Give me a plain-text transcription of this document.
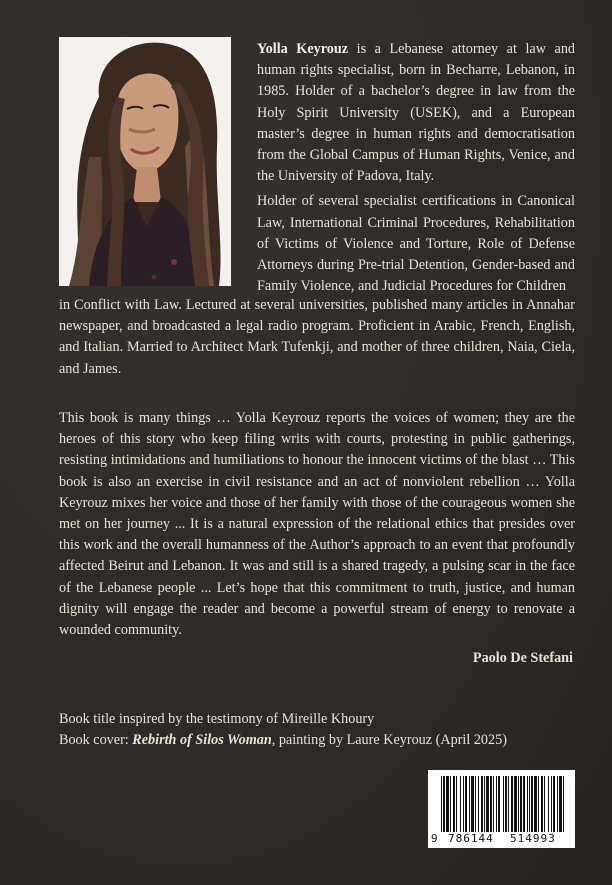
Yolla Keyrouz is a Lebanese attorney at law and human rights specialist, born in Becharre, Lebanon, in 1985. Holder of a bachelor’s degree in law from the Holy Spirit University (USEK), and a European master’s degree in human rights and democratisation from the Global Campus of Human Rights, Venice, and the University of Padova, Italy.

Holder of several specialist certifications in Canonical Law, International Criminal Procedures, Rehabilitation of Victims of Violence and Torture, Role of Defense Attorneys during Pre-trial Detention, Gender-based and Family Violence, and Judicial Procedures for Children

in Conflict with Law. Lectured at several universities, published many articles in Annahar newspaper, and broadcasted a legal radio program. Proficient in Arabic, French, English, and Italian. Married to Architect Mark Tufenkji, and mother of three children, Naia, Ciela, and James.

This book is many things … Yolla Keyrouz reports the voices of women; they are the heroes of this story who keep filing writs with courts, protesting in public gatherings, resisting intimidations and humiliations to honour the innocent victims of the blast … This book is also an exercise in civil resistance and an act of nonviolent rebellion … Yolla Keyrouz mixes her voice and those of her family with those of the courageous women she met on her journey ... It is a natural expression of the relational ethics that presides over this work and the overall humanness of the Author’s approach to an event that profoundly affected Beirut and Lebanon. It was and still is a shared tragedy, a pulsing scar in the face of the Lebanese people ... Let’s hope that this commitment to truth, justice, and human dignity will engage the reader and become a powerful stream of energy to renovate a wounded community.

Paolo De Stefani

Book title inspired by the testimony of Mireille Khoury
Book cover: Rebirth of Silos Woman, painting by Laure Keyrouz (April 2025)
9 786144 514993
